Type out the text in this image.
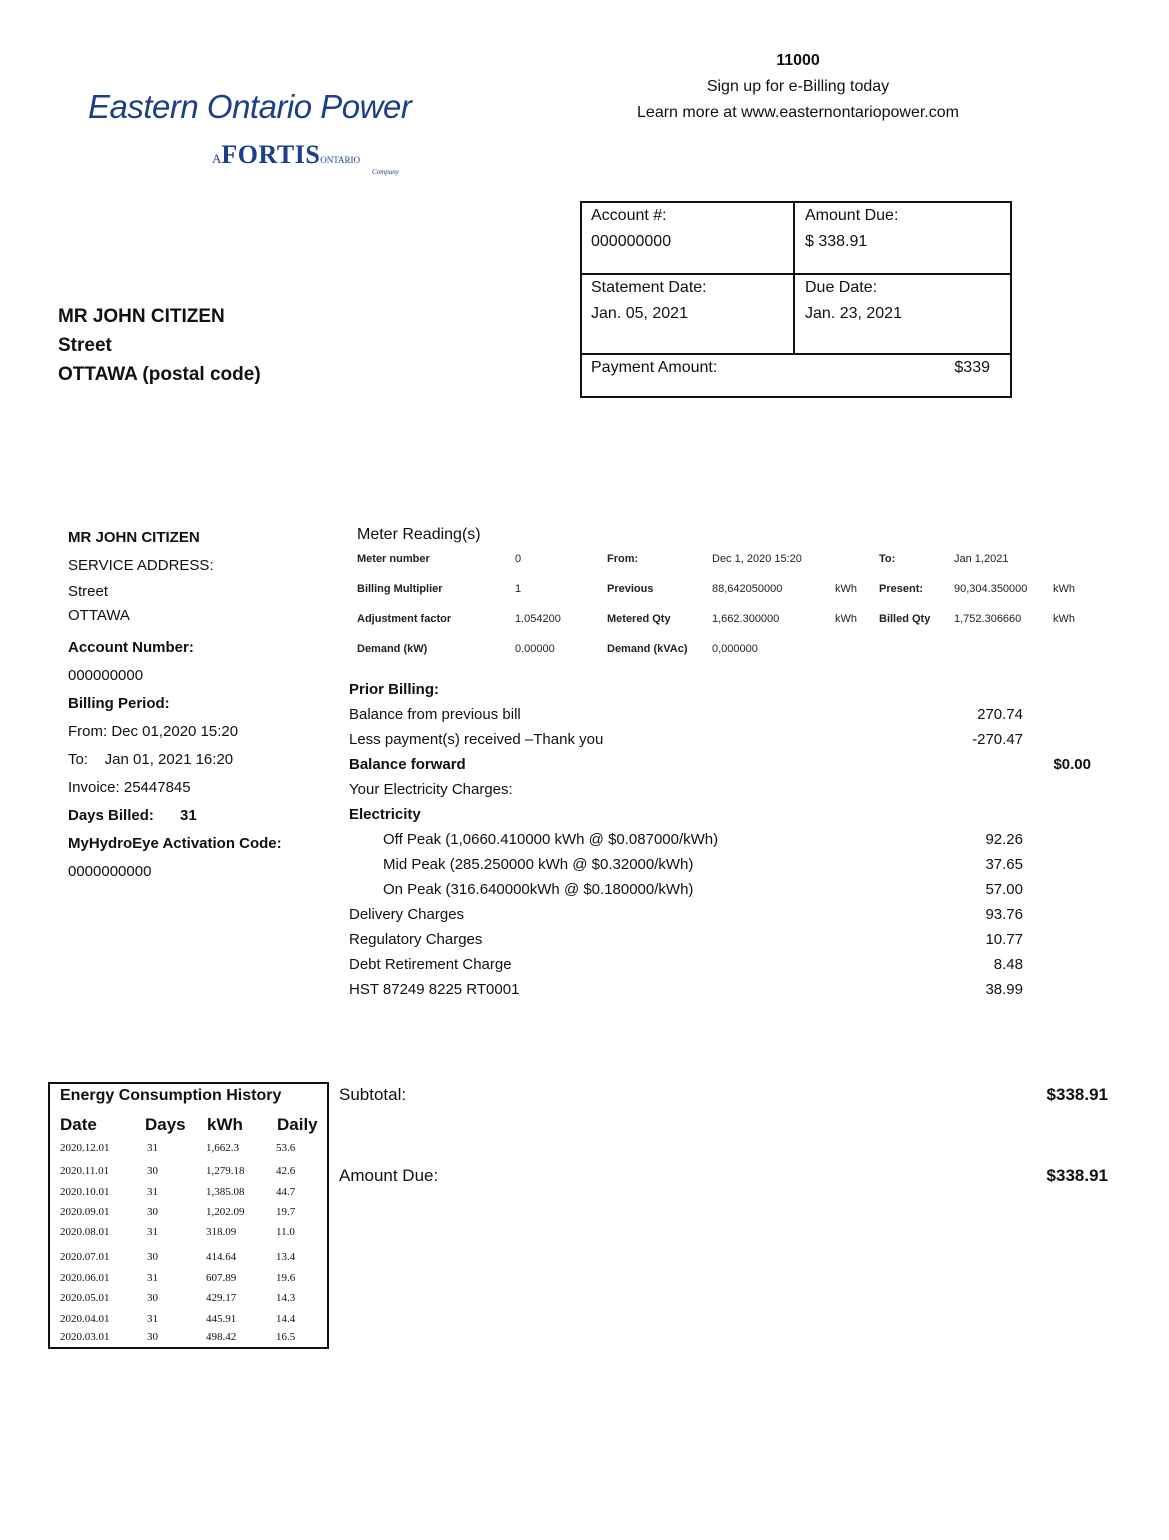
Eastern Ontario Power
AFORTISONTARIO
Company
11000
Sign up for e-Billing today
Learn more at www.easternontariopower.com
Account #:
000000000
Amount Due:
$ 338.91
Statement Date:
Jan. 05, 2021
Due Date:
Jan. 23, 2021
Payment Amount:	$339
MR JOHN CITIZEN
Street
OTTAWA (postal code)
MR JOHN CITIZEN
SERVICE ADDRESS:
Street
OTTAWA
Account Number:
000000000
Billing Period:
From: Dec 01,2020 15:20
To:    Jan 01, 2021 16:20
Invoice: 25447845
Days Billed: 31
MyHydroEye Activation Code:
0000000000
Meter Reading(s)
Meter number	0	From:	Dec 1, 2020 15:20	To:	Jan 1,2021
Billing Multiplier	1	Previous	88,642050000	kWh Present:	90,304.350000 kWh
Adjustment factor	1.054200	Metered Qty	1,662.300000	kWh Billed Qty 1,752.306660	kWh
Demand (kW)	0.00000	Demand (kVAc) 0,000000
Prior Billing:
Balance from previous bill	270.74
Less payment(s) received –Thank you	-270.47
Balance forward	$0.00
Your Electricity Charges:
Electricity
Off Peak (1,0660.410000 kWh @ $0.087000/kWh)	92.26
Mid Peak (285.250000 kWh @ $0.32000/kWh)	37.65
On Peak (316.640000kWh @ $0.180000/kWh)	57.00
Delivery Charges	93.76
Regulatory Charges	10.77
Debt Retirement Charge	8.48
HST 87249 8225 RT0001	38.99
Subtotal:	$338.91
Amount Due:	$338.91
Energy Consumption History
Date	Days kWh Daily
2020.12.01	31	1,662.3	53.6
2020.11.01	30	1,279.18	42.6
2020.10.01	31	1,385.08	44.7
2020.09.01	30	1,202.09	19.7
2020.08.01	31	318.09	11.0
2020.07.01	30	414.64	13.4
2020.06.01	31	607.89	19.6
2020.05.01	30	429.17	14.3
2020.04.01	31	445.91	14.4
2020.03.01	30	498.42	16.5
